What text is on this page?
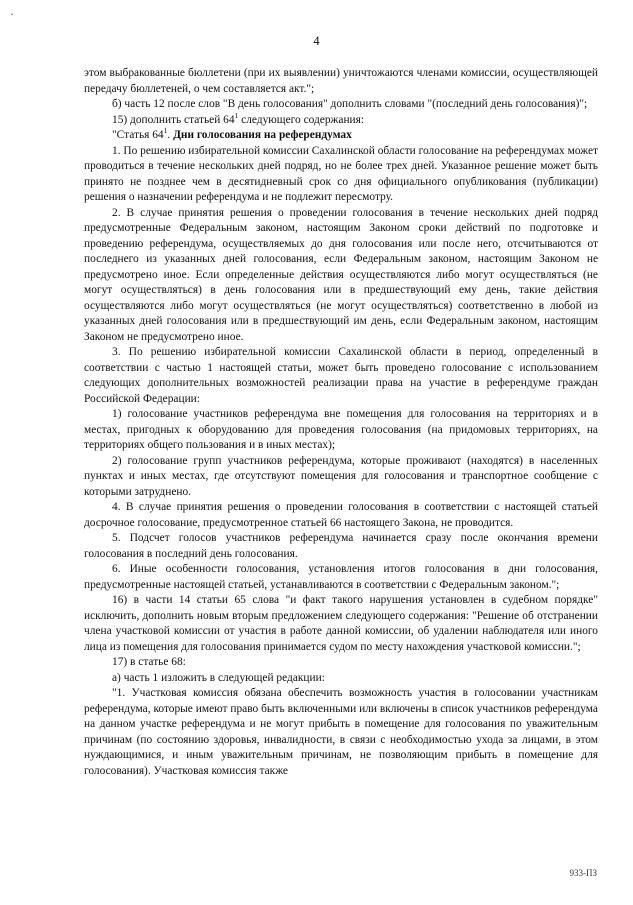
·
4

этом выбракованные бюллетени (при их выявлении) уничтожаются членами комиссии, осуществляющей передачу бюллетеней, о чем составляется акт.";

б) часть 12 после слов "В день голосования" дополнить словами "(последний день голосования)";

15) дополнить статьей $64^1$ следующего содержания:

"Статья $64^1$. Дни голосования на референдумах

1. По решению избирательной комиссии Сахалинской области голосование на референдумах может проводиться в течение нескольких дней подряд, но не более трех дней. Указанное решение может быть принято не позднее чем в десятидневный срок со дня официального опубликования (публикации) решения о назначении референдума и не подлежит пересмотру.

2. В случае принятия решения о проведении голосования в течение нескольких дней подряд предусмотренные Федеральным законом, настоящим Законом сроки действий по подготовке и проведению референдума, осуществляемых до дня голосования или после него, отсчитываются от последнего из указанных дней голосования, если Федеральным законом, настоящим Законом не предусмотрено иное. Если определенные действия осуществляются либо могут осуществляться (не могут осуществляться) в день голосования или в предшествующий ему день, такие действия осуществляются либо могут осуществляться (не могут осуществляться) соответственно в любой из указанных дней голосования или в предшествующий им день, если Федеральным законом, настоящим Законом не предусмотрено иное.

3. По решению избирательной комиссии Сахалинской области в период, определенный в соответствии с частью 1 настоящей статьи, может быть проведено голосование с использованием следующих дополнительных возможностей реализации права на участие в референдуме граждан Российской Федерации:

1) голосование участников референдума вне помещения для голосования на территориях и в местах, пригодных к оборудованию для проведения голосования (на придомовых территориях, на территориях общего пользования и в иных местах);

2) голосование групп участников референдума, которые проживают (находятся) в населенных пунктах и иных местах, где отсутствуют помещения для голосования и транспортное сообщение с которыми затруднено.

4. В случае принятия решения о проведении голосования в соответствии с настоящей статьей досрочное голосование, предусмотренное статьей 66 настоящего Закона, не проводится.

5. Подсчет голосов участников референдума начинается сразу после окончания времени голосования в последний день голосования.

6. Иные особенности голосования, установления итогов голосования в дни голосования, предусмотренные настоящей статьей, устанавливаются в соответствии с Федеральным законом.";

16) в части 14 статьи 65 слова "и факт такого нарушения установлен в судебном порядке" исключить, дополнить новым вторым предложением следующего содержания: "Решение об отстранении члена участковой комиссии от участия в работе данной комиссии, об удалении наблюдателя или иного лица из помещения для голосования принимается судом по месту нахождения участковой комиссии.";

17) в статье 68:

а) часть 1 изложить в следующей редакции:

"1. Участковая комиссия обязана обеспечить возможность участия в голосовании участникам референдума, которые имеют право быть включенными или включены в список участников референдума на данном участке референдума и не могут прибыть в помещение для голосования по уважительным причинам (по состоянию здоровья, инвалидности, в связи с необходимостью ухода за лицами, в этом нуждающимися, и иным уважительным причинам, не позволяющим прибыть в помещение для голосования). Участковая комиссия также

933-ПЗ
